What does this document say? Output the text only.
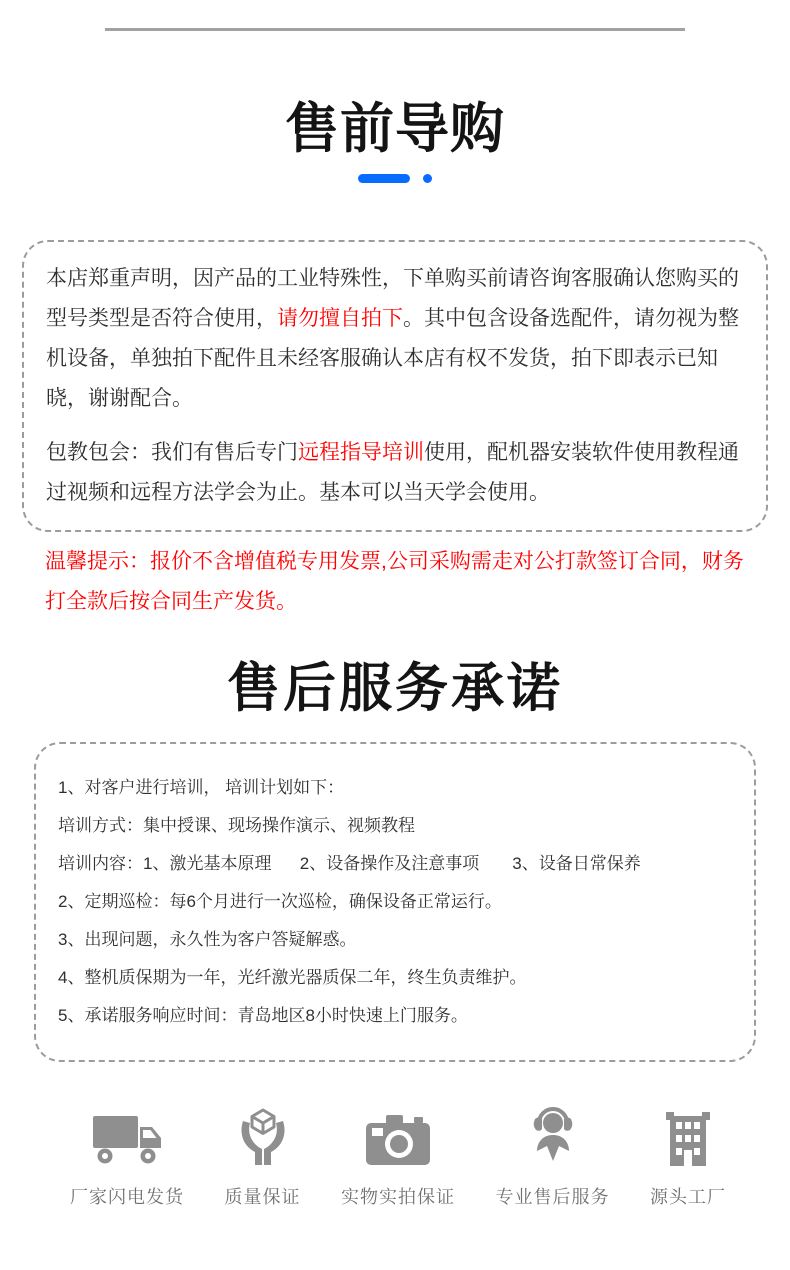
售前导购

本店郑重声明，因产品的工业特殊性，下单购买前请咨询客服确认您购买的型号类型是否符合使用，请勿擅自拍下。其中包含设备选配件，请勿视为整机设备，单独拍下配件且未经客服确认本店有权不发货，拍下即表示已知晓，谢谢配合。

包教包会：我们有售后专门远程指导培训使用，配机器安装软件使用教程通过视频和远程方法学会为止。基本可以当天学会使用。

温馨提示：报价不含增值税专用发票,公司采购需走对公打款签订合同，财务打全款后按合同生产发货。

售后服务承诺
1、对客户进行培训， 培训计划如下：
培训方式：集中授课、现场操作演示、视频教程
培训内容：1、激光基本原理      2、设备操作及注意事项       3、设备日常保养
2、定期巡检：每6个月进行一次巡检，确保设备正常运行。
3、出现问题，永久性为客户答疑解惑。
4、整机质保期为一年，光纤激光器质保二年，终生负责维护。
5、承诺服务响应时间：青岛地区8小时快速上门服务。
厂家闪电发货 质量保证 实物实拍保证 专业售后服务 源头工厂
